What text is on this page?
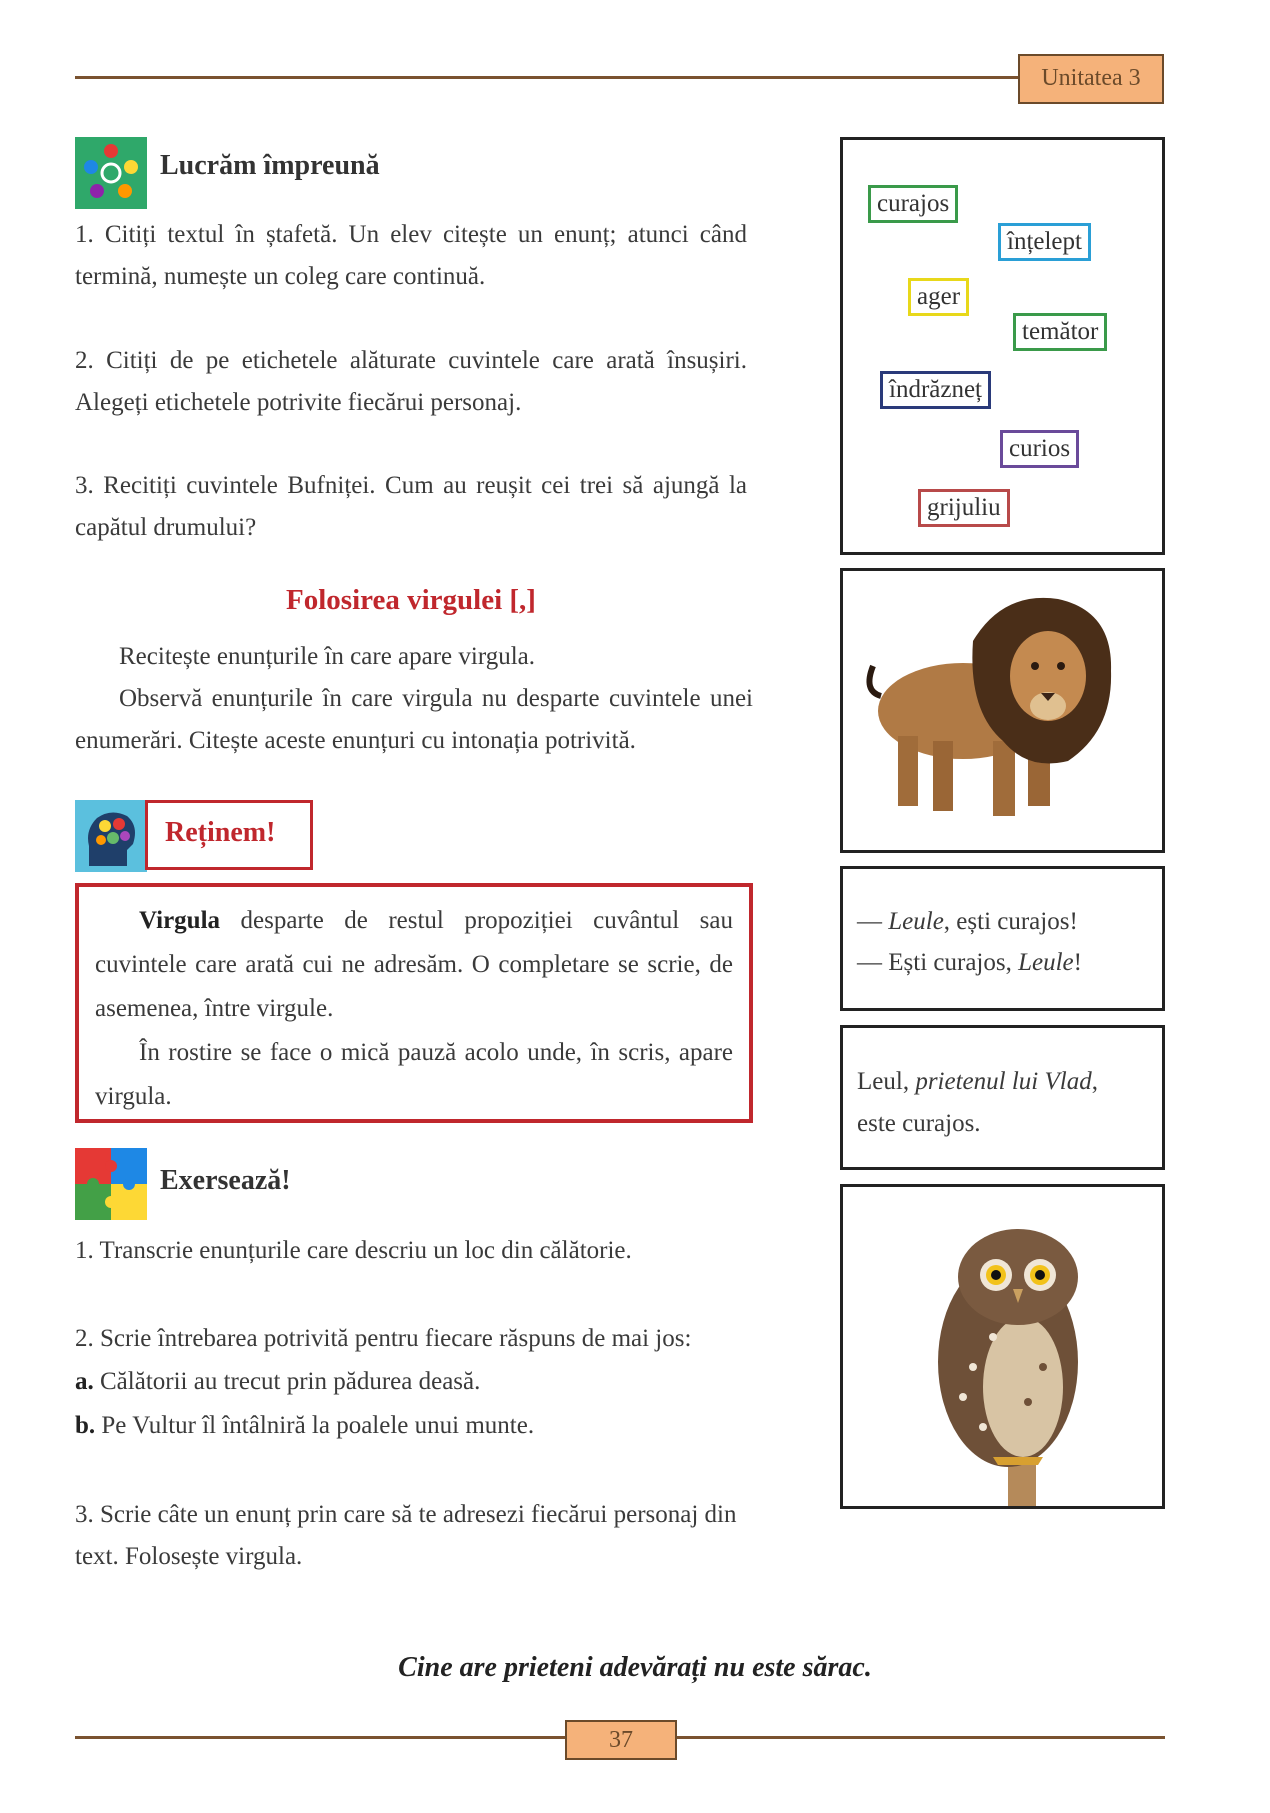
Unitatea 3
Lucrăm împreună
1. Citiți textul în ștafetă. Un elev citește un enunț; atunci când termină, numește un coleg care continuă.
2. Citiți de pe etichetele alăturate cuvintele care arată însușiri. Alegeți etichetele potrivite fiecărui personaj.
3. Recitiți cuvintele Bufniței. Cum au reușit cei trei să ajungă la capătul drumului?
Folosirea virgulei [,]

Recitește enunțurile în care apare virgula.

Observă enunțurile în care virgula nu desparte cuvintele unei enumerări. Citește aceste enunțuri cu intonația potrivită.

Reținem!

Virgula desparte de restul propoziției cuvântul sau cuvintele care arată cui ne adresăm. O completare se scrie, de asemenea, între virgule.

În rostire se face o mică pauză acolo unde, în scris, apare virgula.

Exersează!
1. Transcrie enunțurile care descriu un loc din călătorie.
2. Scrie întrebarea potrivită pentru fiecare răspuns de mai jos:
a. Călătorii au trecut prin pădurea deasă.
b. Pe Vultur îl întâlniră la poalele unui munte.
3. Scrie câte un enunț prin care să te adresezi fiecărui personaj din text. Folosește virgula.
curajos
înțelept
ager
temător
îndrăzneț
curios
grijuliu
— Leule, ești curajos!
— Ești curajos, Leule!
Leul, prietenul lui Vlad,
este curajos.
Cine are prieteni adevărați nu este sărac.
37
